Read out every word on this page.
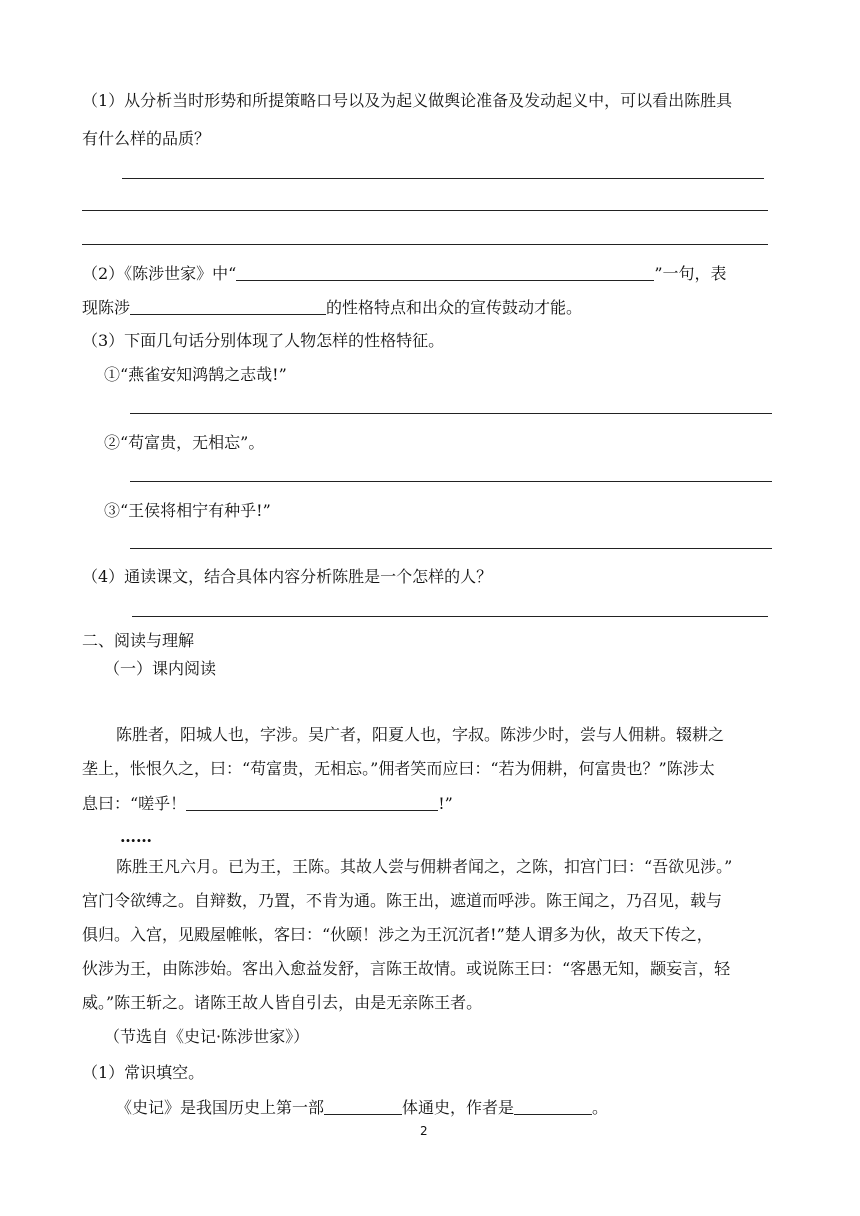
（1）从分析当时形势和所提策略口号以及为起义做舆论准备及发动起义中，可以看出陈胜具
有什么样的品质？
（2）《陈涉世家》中“	”一句，表
现陈涉	的性格特点和出众的宣传鼓动才能。
（3）下面几句话分别体现了人物怎样的性格特征。
①“燕雀安知鸿鹄之志哉!”
②“苟富贵，无相忘”。
③“王侯将相宁有种乎!”
（4）通读课文，结合具体内容分析陈胜是一个怎样的人？
二、阅读与理解
（一）课内阅读
陈胜者，阳城人也，字涉。吴广者，阳夏人也，字叔。陈涉少时，尝与人佣耕。辍耕之
垄上，怅恨久之，曰：“苟富贵，无相忘。”佣者笑而应曰：“若为佣耕，何富贵也？”陈涉太
息曰：“嗟乎！	!”
……
陈胜王凡六月。已为王，王陈。其故人尝与佣耕者闻之，之陈，扣宫门曰：“吾欲见涉。”
宫门令欲缚之。自辩数，乃置，不肯为通。陈王出，遮道而呼涉。陈王闻之，乃召见，载与
俱归。入宫，见殿屋帷帐，客曰：“伙颐！涉之为王沉沉者!”楚人谓多为伙，故天下传之，
伙涉为王，由陈涉始。客出入愈益发舒，言陈王故情。或说陈王曰：“客愚无知，颛妄言，轻
威。”陈王斩之。诸陈王故人皆自引去，由是无亲陈王者。
（节选自《史记·陈涉世家》）
（1）常识填空。
《史记》是我国历史上第一部	体通史，作者是	。
2
